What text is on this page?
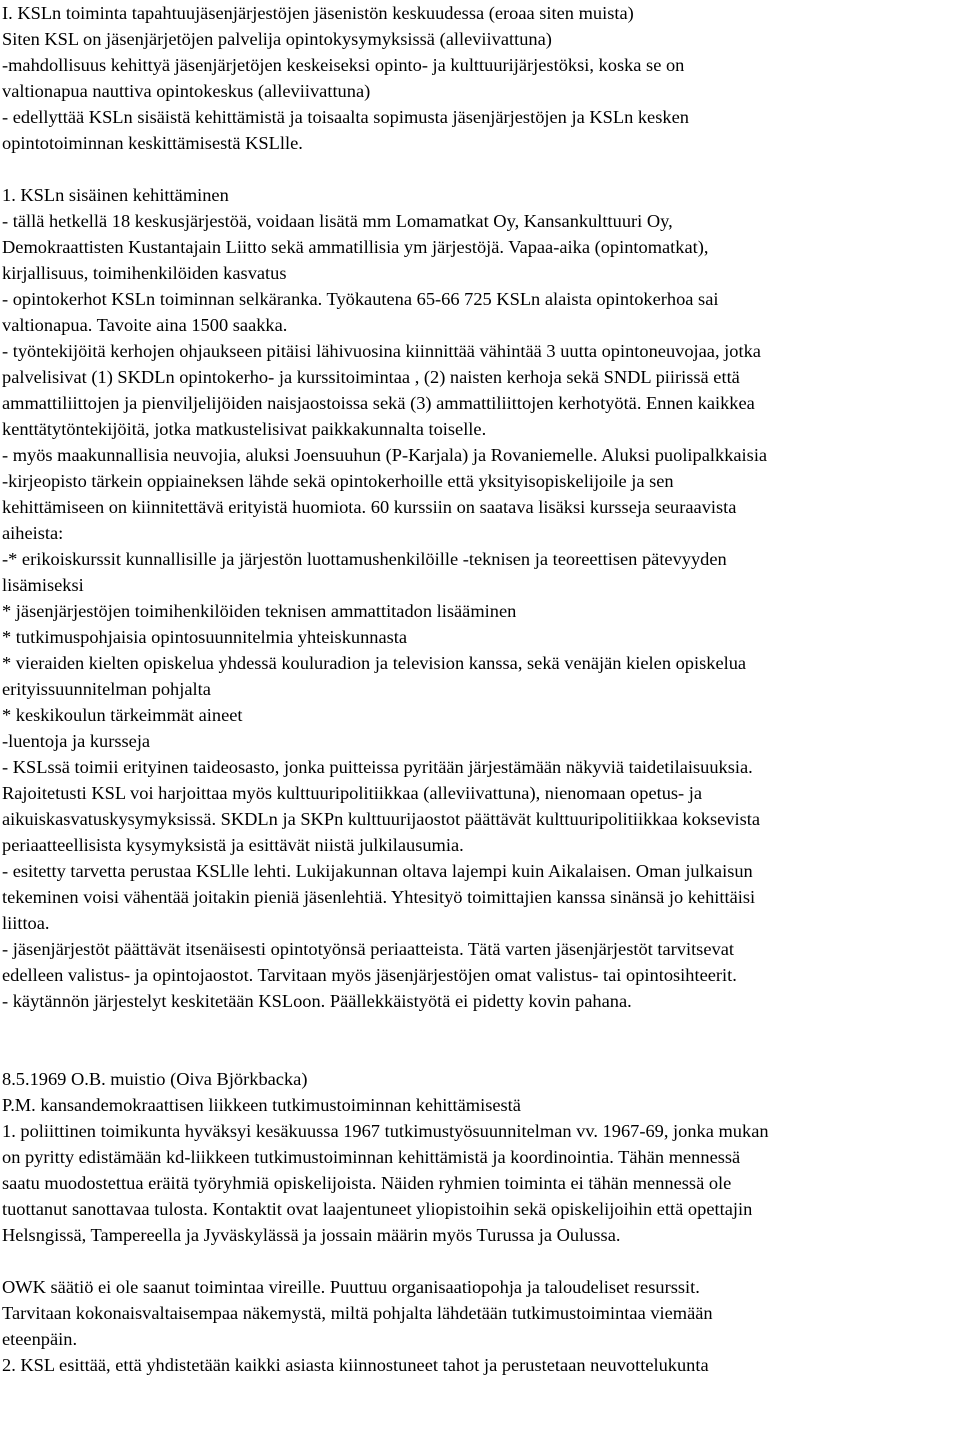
I. KSLn toiminta tapahtuujäsenjärjestöjen jäsenistön keskuudessa (eroaa siten muista)

Siten KSL on jäsenjärjetöjen palvelija opintokysymyksissä (alleviivattuna)

-mahdollisuus kehittyä jäsenjärjetöjen keskeiseksi opinto- ja kulttuurijärjestöksi, koska se on

valtionapua nauttiva opintokeskus (alleviivattuna)

- edellyttää KSLn sisäistä kehittämistä ja toisaalta sopimusta jäsenjärjestöjen ja KSLn kesken

opintotoiminnan keskittämisestä KSLlle.

1. KSLn sisäinen kehittäminen

- tällä hetkellä 18 keskusjärjestöä, voidaan lisätä mm Lomamatkat Oy, Kansankulttuuri Oy,

Demokraattisten Kustantajain Liitto sekä ammatillisia ym järjestöjä. Vapaa-aika (opintomatkat),

kirjallisuus, toimihenkilöiden kasvatus

- opintokerhot KSLn toiminnan selkäranka. Työkautena 65-66 725 KSLn alaista opintokerhoa sai

valtionapua. Tavoite aina 1500 saakka.

- työntekijöitä kerhojen ohjaukseen pitäisi lähivuosina kiinnittää vähintää 3 uutta opintoneuvojaa, jotka

palvelisivat (1) SKDLn opintokerho- ja kurssitoimintaa , (2) naisten kerhoja sekä SNDL piirissä että

ammattiliittojen ja pienviljelijöiden naisjaostoissa sekä (3) ammattiliittojen kerhotyötä. Ennen kaikkea

kenttätytöntekijöitä, jotka matkustelisivat paikkakunnalta toiselle.

- myös maakunnallisia neuvojia, aluksi Joensuuhun (P-Karjala) ja Rovaniemelle. Aluksi puolipalkkaisia

-kirjeopisto tärkein oppiaineksen lähde sekä opintokerhoille että yksityisopiskelijoile ja sen

kehittämiseen on kiinnitettävä erityistä huomiota. 60 kurssiin on saatava lisäksi kursseja seuraavista

aiheista:

-* erikoiskurssit kunnallisille ja järjestön luottamushenkilöille -teknisen ja teoreettisen pätevyyden

lisämiseksi

* jäsenjärjestöjen toimihenkilöiden teknisen ammattitadon lisääminen

* tutkimuspohjaisia opintosuunnitelmia yhteiskunnasta

* vieraiden kielten opiskelua yhdessä kouluradion ja television kanssa, sekä venäjän kielen opiskelua

erityissuunnitelman pohjalta

* keskikoulun tärkeimmät aineet

-luentoja ja kursseja

- KSLssä toimii erityinen taideosasto, jonka puitteissa pyritään järjestämään näkyviä taidetilaisuuksia.

Rajoitetusti KSL voi harjoittaa myös kulttuuripolitiikkaa (alleviivattuna), nienomaan opetus- ja

aikuiskasvatuskysymyksissä. SKDLn ja SKPn kulttuurijaostot päättävät kulttuuripolitiikkaa koksevista

periaatteellisista kysymyksistä ja esittävät niistä julkilausumia.

- esitetty tarvetta perustaa KSLlle lehti. Lukijakunnan oltava lajempi kuin Aikalaisen. Oman julkaisun

tekeminen voisi vähentää joitakin pieniä jäsenlehtiä. Yhtesityö toimittajien kanssa sinänsä jo kehittäisi

liittoa.

- jäsenjärjestöt päättävät itsenäisesti opintotyönsä periaatteista. Tätä varten jäsenjärjestöt tarvitsevat

edelleen valistus- ja opintojaostot. Tarvitaan myös jäsenjärjestöjen omat valistus- tai opintosihteerit.

- käytännön järjestelyt keskitetään KSLoon. Päällekkäistyötä ei pidetty kovin pahana.

8.5.1969 O.B. muistio (Oiva Björkbacka)

P.M. kansandemokraattisen liikkeen tutkimustoiminnan kehittämisestä

1. poliittinen toimikunta hyväksyi kesäkuussa 1967 tutkimustyösuunnitelman vv. 1967-69, jonka mukan

on pyritty edistämään kd-liikkeen tutkimustoiminnan kehittämistä ja koordinointia. Tähän mennessä

saatu muodostettua eräitä työryhmiä opiskelijoista. Näiden ryhmien toiminta ei tähän mennessä ole

tuottanut sanottavaa tulosta. Kontaktit ovat laajentuneet yliopistoihin sekä opiskelijoihin että opettajin

Helsngissä, Tampereella ja Jyväskylässä ja jossain määrin myös Turussa ja Oulussa.

OWK säätiö ei ole saanut toimintaa vireille. Puuttuu organisaatiopohja ja taloudeliset resurssit.

Tarvitaan kokonaisvaltaisempaa näkemystä, miltä pohjalta lähdetään tutkimustoimintaa viemään

eteenpäin.

2. KSL esittää, että yhdistetään kaikki asiasta kiinnostuneet tahot ja perustetaan neuvottelukunta
